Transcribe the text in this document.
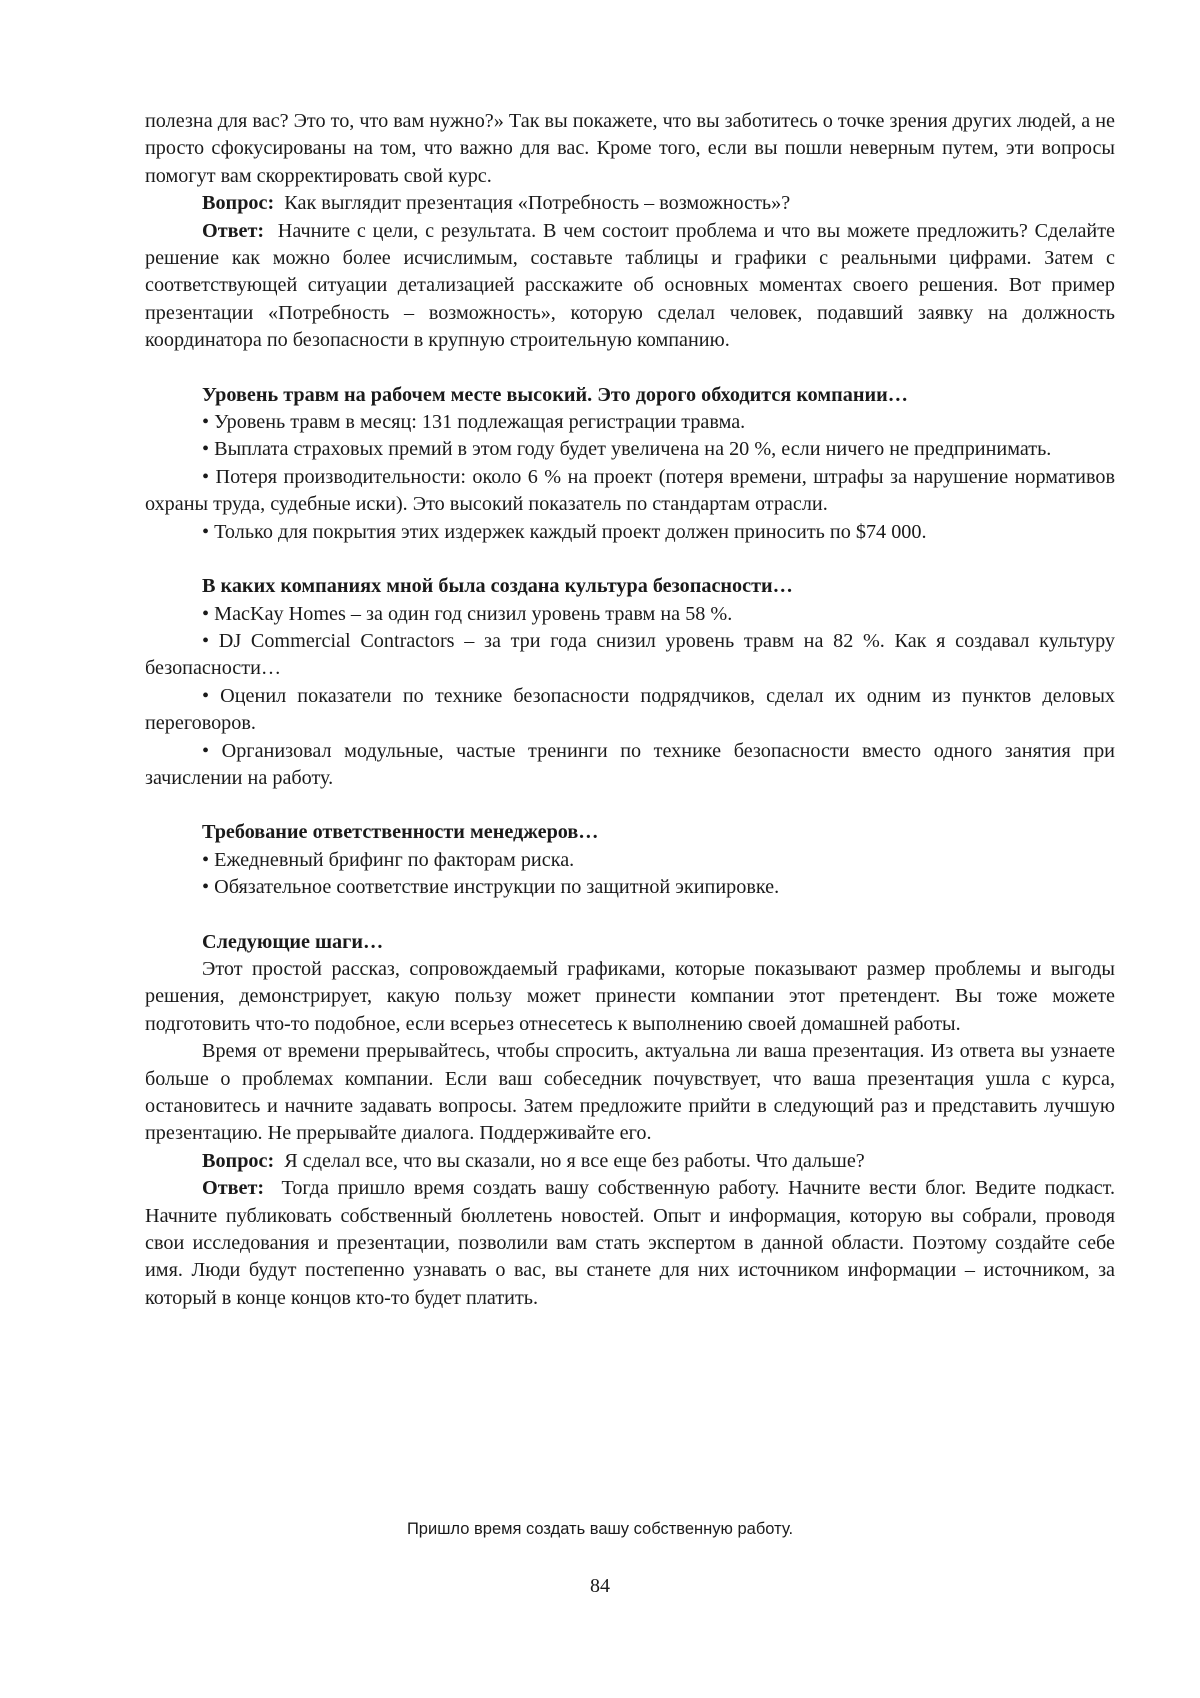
полезна для вас? Это то, что вам нужно?» Так вы покажете, что вы заботитесь о точке зрения других людей, а не просто сфокусированы на том, что важно для вас. Кроме того, если вы пошли неверным путем, эти вопросы помогут вам скорректировать свой курс.

Вопрос: Как выглядит презентация «Потребность – возможность»?

Ответ: Начните с цели, с результата. В чем состоит проблема и что вы можете предложить? Сделайте решение как можно более исчислимым, составьте таблицы и графики с реальными цифрами. Затем с соответствующей ситуации детализацией расскажите об основных моментах своего решения. Вот пример презентации «Потребность – возможность», которую сделал человек, подавший заявку на должность координатора по безопасности в крупную строительную компанию.

Уровень травм на рабочем месте высокий. Это дорого обходится компании…

• Уровень травм в месяц: 131 подлежащая регистрации травма.

• Выплата страховых премий в этом году будет увеличена на 20 %, если ничего не предпринимать.

• Потеря производительности: около 6 % на проект (потеря времени, штрафы за нарушение нормативов охраны труда, судебные иски). Это высокий показатель по стандартам отрасли.

• Только для покрытия этих издержек каждый проект должен приносить по $74 000.

В каких компаниях мной была создана культура безопасности…

• MacKay Homes – за один год снизил уровень травм на 58 %.

• DJ Commercial Contractors – за три года снизил уровень травм на 82 %. Как я создавал культуру безопасности…

• Оценил показатели по технике безопасности подрядчиков, сделал их одним из пунктов деловых переговоров.

• Организовал модульные, частые тренинги по технике безопасности вместо одного занятия при зачислении на работу.

Требование ответственности менеджеров…

• Ежедневный брифинг по факторам риска.

• Обязательное соответствие инструкции по защитной экипировке.

Следующие шаги…

Этот простой рассказ, сопровождаемый графиками, которые показывают размер проблемы и выгоды решения, демонстрирует, какую пользу может принести компании этот претендент. Вы тоже можете подготовить что-то подобное, если всерьез отнесетесь к выполнению своей домашней работы.

Время от времени прерывайтесь, чтобы спросить, актуальна ли ваша презентация. Из ответа вы узнаете больше о проблемах компании. Если ваш собеседник почувствует, что ваша презентация ушла с курса, остановитесь и начните задавать вопросы. Затем предложите прийти в следующий раз и представить лучшую презентацию. Не прерывайте диалога. Поддерживайте его.

Вопрос: Я сделал все, что вы сказали, но я все еще без работы. Что дальше?

Ответ: Тогда пришло время создать вашу собственную работу. Начните вести блог. Ведите подкаст. Начните публиковать собственный бюллетень новостей. Опыт и информация, которую вы собрали, проводя свои исследования и презентации, позволили вам стать экспертом в данной области. Поэтому создайте себе имя. Люди будут постепенно узнавать о вас, вы станете для них источником информации – источником, за который в конце концов кто-то будет платить.

Пришло время создать вашу собственную работу.
84
